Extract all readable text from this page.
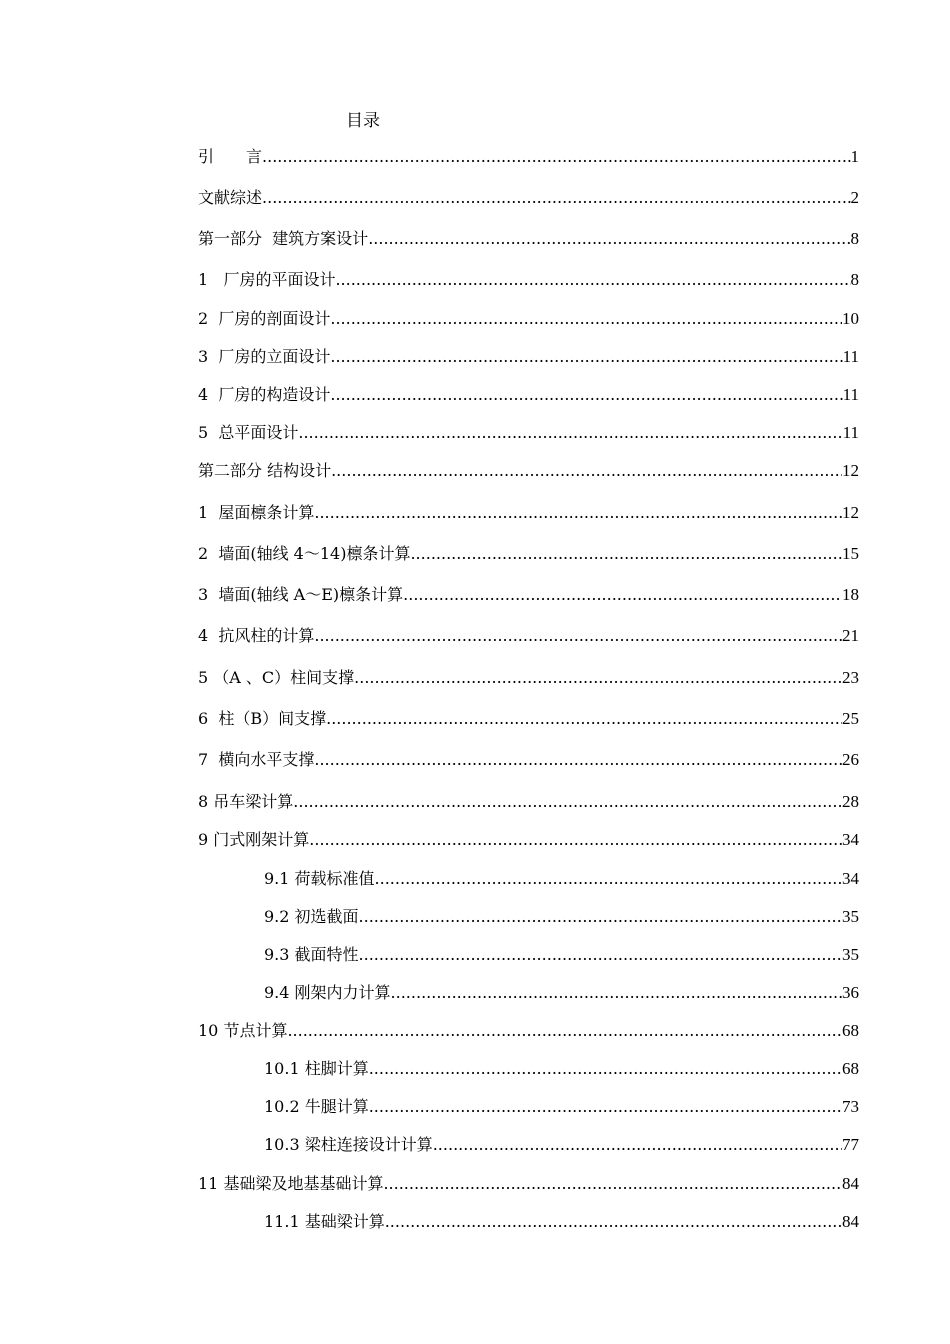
目录
引　　言 .....	1
文献综述 .....	2
第一部分  建筑方案设计 .....	8
1   厂房的平面设计 .....	8
2  厂房的剖面设计 .....	10
3  厂房的立面设计 .....	11
4  厂房的构造设计 .....	11
5  总平面设计 .....	11
第二部分 结构设计 .....	12
1  屋面檩条计算 .....	12
2  墙面(轴线 4～14)檩条计算 .....	15
3  墙面(轴线 A～E)檩条计算 .....	18
4  抗风柱的计算 .....	21
5 （A 、C）柱间支撑 .....	23
6  柱（B）间支撑 .....	25
7  横向水平支撑 .....	26
8 吊车梁计算 .....	28
9 门式刚架计算 .....	34
9.1 荷载标准值 .....	34
9.2 初选截面 .....	35
9.3 截面特性 .....	35
9.4 刚架内力计算 .....	36
10 节点计算 .....	68
10.1 柱脚计算 .....	68
10.2 牛腿计算 .....	73
10.3 梁柱连接设计计算 .....	77
11 基础梁及地基基础计算 .....	84
11.1 基础梁计算 .....	84
